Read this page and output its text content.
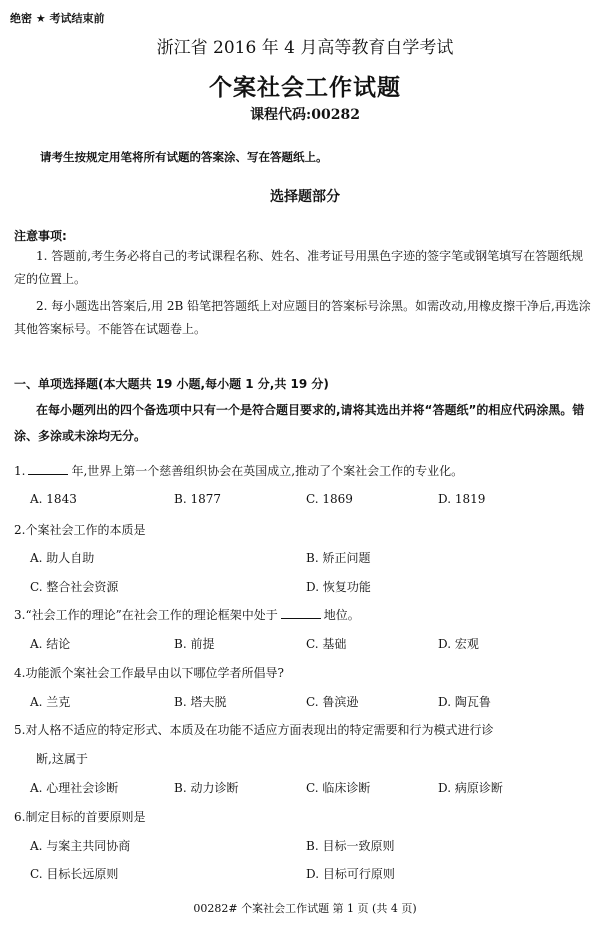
绝密 ★ 考试结束前
浙江省 2016 年 4 月高等教育自学考试
个案社会工作试题
课程代码:00282
请考生按规定用笔将所有试题的答案涂、写在答题纸上。
选择题部分
注意事项:
1. 答题前,考生务必将自己的考试课程名称、姓名、准考证号用黑色字迹的签字笔或钢笔填写在答题纸规定的位置上。
2. 每小题选出答案后,用 2B 铅笔把答题纸上对应题目的答案标号涂黑。如需改动,用橡皮擦干净后,再选涂其他答案标号。不能答在试题卷上。
一、单项选择题(本大题共 19 小题,每小题 1 分,共 19 分)
在每小题列出的四个备选项中只有一个是符合题目要求的,请将其选出并将“答题纸”的相应代码涂黑。错涂、多涂或未涂均无分。
1.	年,世界上第一个慈善组织协会在英国成立,推动了个案社会工作的专业化。
A. 1843	B. 1877	C. 1869	D. 1819
2.个案社会工作的本质是
A. 助人自助	B. 矫正问题
C. 整合社会资源	D. 恢复功能
3.“社会工作的理论”在社会工作的理论框架中处于	地位。
A. 结论	B. 前提	C. 基础	D. 宏观
4.功能派个案社会工作最早由以下哪位学者所倡导?
A. 兰克	B. 塔夫脱	C. 鲁滨逊	D. 陶瓦鲁
5.对人格不适应的特定形式、本质及在功能不适应方面表现出的特定需要和行为模式进行诊
断,这属于
A. 心理社会诊断	B. 动力诊断	C. 临床诊断	D. 病原诊断
6.制定目标的首要原则是
A. 与案主共同协商	B. 目标一致原则
C. 目标长远原则	D. 目标可行原则
00282# 个案社会工作试题 第 1 页 (共 4 页)
